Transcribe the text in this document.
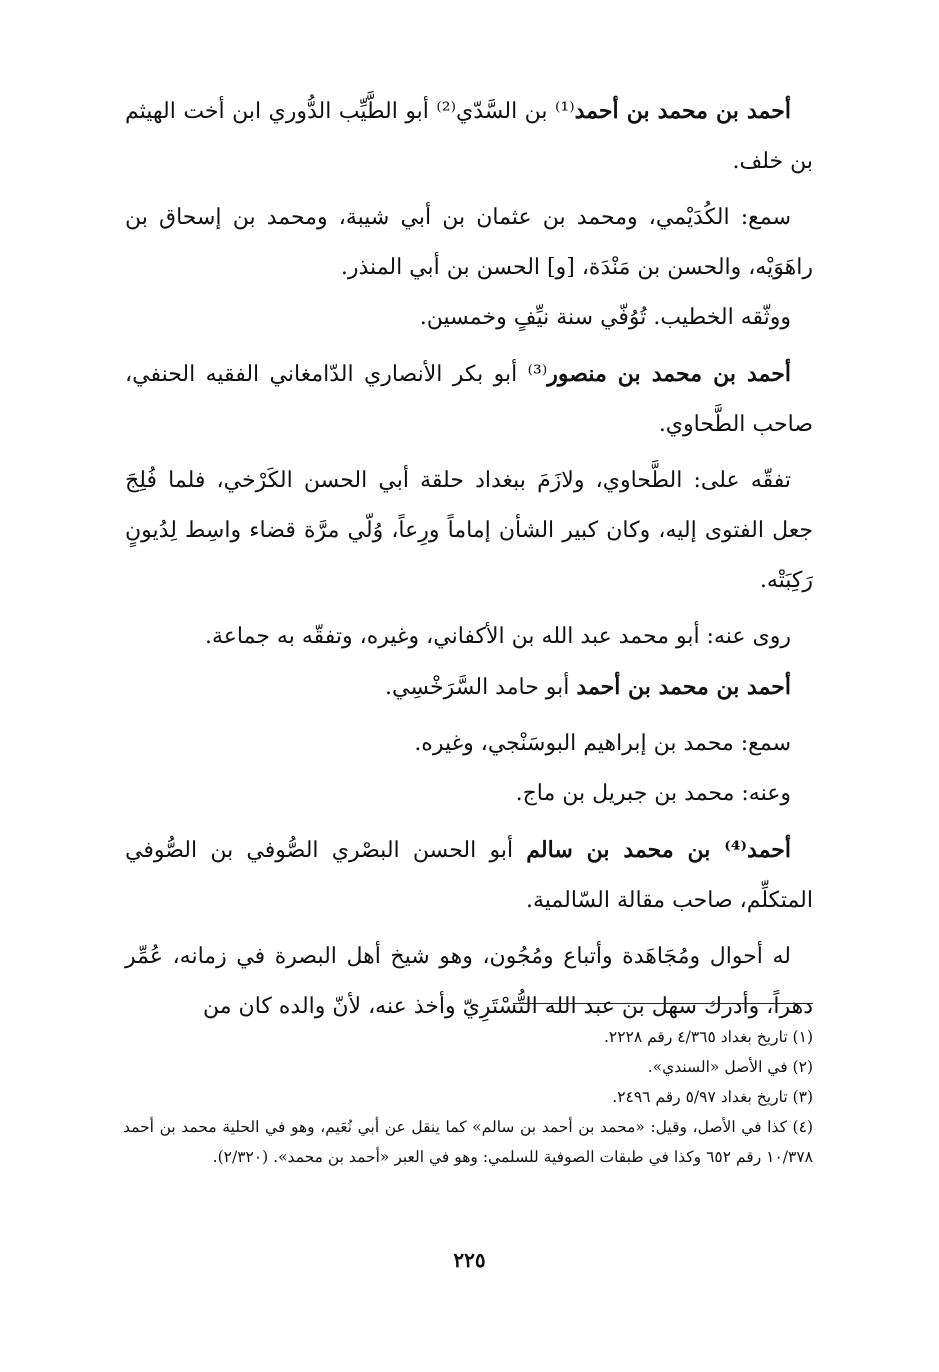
أحمد بن محمد بن أحمد⁽¹⁾ بن السَّدّي⁽²⁾ أبو الطَّيِّب الدُّوري ابن أخت الهيثم بن خلف.

سمع: الكُدَيْمي، ومحمد بن عثمان بن أبي شيبة، ومحمد بن إسحاق بن راهَوَيْه، والحسن بن مَنْدَة، [و] الحسن بن أبي المنذر.

ووثّقه الخطيب. تُوُفّي سنة نيِّفٍ وخمسين.

أحمد بن محمد بن منصور⁽³⁾ أبو بكر الأنصاري الدّامغاني الفقيه الحنفي، صاحب الطَّحاوي.

تفقّه على: الطَّحاوي، ولازَمَ ببغداد حلقة أبي الحسن الكَرْخي، فلما فُلِجَ جعل الفتوى إليه، وكان كبير الشأن إماماً ورِعاً، وُلّي مرَّة قضاء واسِط لِدُيونٍ رَكِبَتْه.

روى عنه: أبو محمد عبد الله بن الأكفاني، وغيره، وتفقّه به جماعة.

أحمد بن محمد بن أحمد أبو حامد السَّرَخْسِي.

سمع: محمد بن إبراهيم البوسَنْجي، وغيره.

وعنه: محمد بن جبريل بن ماج.

أحمد⁽⁴⁾ بن محمد بن سالم أبو الحسن البصْري الصُّوفي بن الصُّوفي المتكلِّم، صاحب مقالة السّالمية.

له أحوال ومُجَاهَدة وأتباع ومُجُون، وهو شيخ أهل البصرة في زمانه، عُمِّر دهراً، وأدرك سهل بن عبد الله التُّسْتَرِيّ وأخذ عنه، لأنّ والده كان من

(١) تاريخ بغداد ٤/٣٦٥ رقم ٢٢٢٨.

(٢) في الأصل «السندي».

(٣) تاريخ بغداد ٥/٩٧ رقم ٢٤٩٦.

(٤) كذا في الأصل، وقيل: «محمد بن أحمد بن سالم» كما ينقل عن أبي نُعَيم، وهو في الحلية محمد بن أحمد ١٠/٣٧٨ رقم ٦٥٢ وكذا في طبقات الصوفية للسلمي: وهو في العبر «أحمد بن محمد». (٢/٣٢٠).

٢٢٥
